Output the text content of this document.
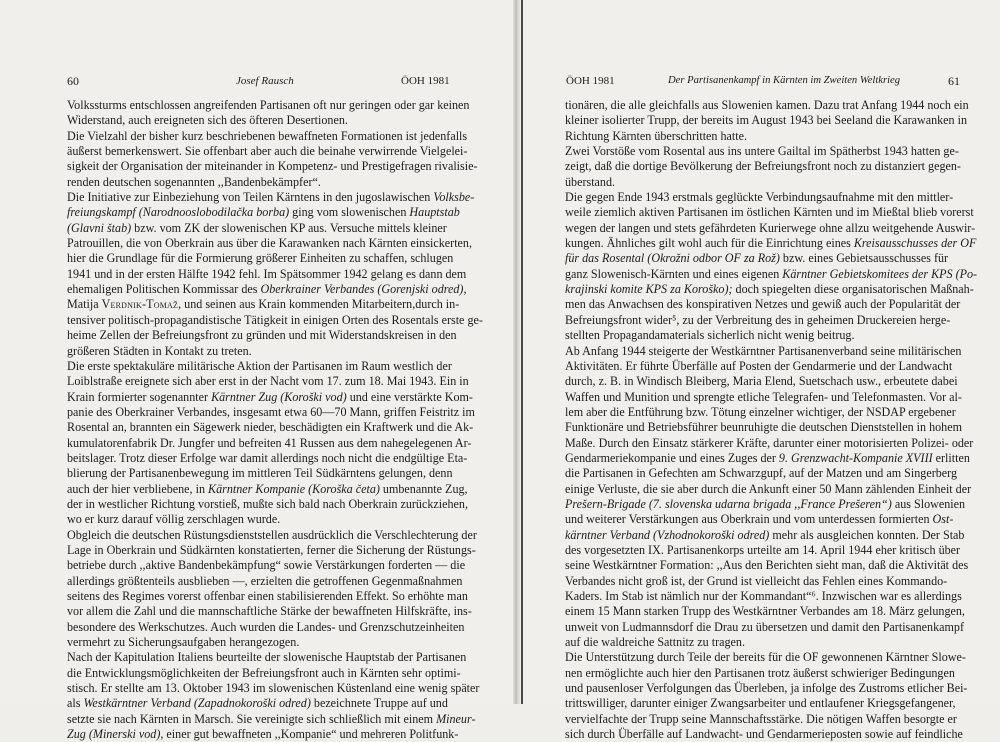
60	Josef Rausch	ÖOH 1981
Volkssturms entschlossen angreifenden Partisanen oft nur geringen oder gar keinen
Widerstand, auch ereigneten sich des öfteren Desertionen.
Die Vielzahl der bisher kurz beschriebenen bewaffneten Formationen ist jedenfalls
äußerst bemerkenswert. Sie offenbart aber auch die beinahe verwirrende Vielgelei-
sigkeit der Organisation der miteinander in Kompetenz- und Prestigefragen rivalisie-
renden deutschen sogenannten ,,Bandenbekämpfer“.
Die Initiative zur Einbeziehung von Teilen Kärntens in den jugoslawischen Volksbe-
freiungskampf (Narodnooslobodilačka borba) ging vom slowenischen Hauptstab
(Glavni štab) bzw. vom ZK der slowenischen KP aus. Versuche mittels kleiner
Patrouillen, die von Oberkrain aus über die Karawanken nach Kärnten einsickerten,
hier die Grundlage für die Formierung größerer Einheiten zu schaffen, schlugen
1941 und in der ersten Hälfte 1942 fehl. Im Spätsommer 1942 gelang es dann dem
ehemaligen Politischen Kommissar des Oberkrainer Verbandes (Gorenjski odred),
Matija Verdnik-Tomaž, und seinen aus Krain kommenden Mitarbeitern,durch in-
tensiver politisch-propagandistische Tätigkeit in einigen Orten des Rosentals erste ge-
heime Zellen der Befreiungsfront zu gründen und mit Widerstandskreisen in den
größeren Städten in Kontakt zu treten.
Die erste spektakuläre militärische Aktion der Partisanen im Raum westlich der
Loiblstraße ereignete sich aber erst in der Nacht vom 17. zum 18. Mai 1943. Ein in
Krain formierter sogenannter Kärntner Zug (Koroški vod) und eine verstärkte Kom-
panie des Oberkrainer Verbandes, insgesamt etwa 60—70 Mann, griffen Feistritz im
Rosental an, brannten ein Sägewerk nieder, beschädigten ein Kraftwerk und die Ak-
kumulatorenfabrik Dr. Jungfer und befreiten 41 Russen aus dem nahegelegenen Ar-
beitslager. Trotz dieser Erfolge war damit allerdings noch nicht die endgültige Eta-
blierung der Partisanenbewegung im mittleren Teil Südkärntens gelungen, denn
auch der hier verbliebene, in Kärntner Kompanie (Koroška četa) umbenannte Zug,
der in westlicher Richtung vorstieß, mußte sich bald nach Oberkrain zurückziehen,
wo er kurz darauf völlig zerschlagen wurde.
Obgleich die deutschen Rüstungsdienststellen ausdrücklich die Verschlechterung der
Lage in Oberkrain und Südkärnten konstatierten, ferner die Sicherung der Rüstungs-
betriebe durch ,,aktive Bandenbekämpfung“ sowie Verstärkungen forderten — die
allerdings größtenteils ausblieben —, erzielten die getroffenen Gegenmaßnahmen
seitens des Regimes vorerst offenbar einen stabilisierenden Effekt. So erhöhte man
vor allem die Zahl und die mannschaftliche Stärke der bewaffneten Hilfskräfte, ins-
besondere des Werkschutzes. Auch wurden die Landes- und Grenzschutzeinheiten
vermehrt zu Sicherungsaufgaben herangezogen.
Nach der Kapitulation Italiens beurteilte der slowenische Hauptstab der Partisanen
die Entwicklungsmöglichkeiten der Befreiungsfront auch in Kärnten sehr optimi-
stisch. Er stellte am 13. Oktober 1943 im slowenischen Küstenland eine wenig später
als Westkärntner Verband (Zapadnokoroški odred) bezeichnete Truppe auf und
setzte sie nach Kärnten in Marsch. Sie vereinigte sich schließlich mit einem Mineur-
Zug (Minerski vod), einer gut bewaffneten ,,Kompanie“ und mehreren Politfunk-
ÖOH 1981	Der Partisanenkampf in Kärnten im Zweiten Weltkrieg	61
tionären, die alle gleichfalls aus Slowenien kamen. Dazu trat Anfang 1944 noch ein
kleiner isolierter Trupp, der bereits im August 1943 bei Seeland die Karawanken in
Richtung Kärnten überschritten hatte.
Zwei Vorstöße vom Rosental aus ins untere Gailtal im Spätherbst 1943 hatten ge-
zeigt, daß die dortige Bevölkerung der Befreiungsfront noch zu distanziert gegen-
überstand.
Die gegen Ende 1943 erstmals geglückte Verbindungsaufnahme mit den mittler-
weile ziemlich aktiven Partisanen im östlichen Kärnten und im Mießtal blieb vorerst
wegen der langen und stets gefährdeten Kurierwege ohne allzu weitgehende Auswir-
kungen. Ähnliches gilt wohl auch für die Einrichtung eines Kreisausschusses der OF
für das Rosental (Okrožni odbor OF za Rož) bzw. eines Gebietsausschusses für
ganz Slowenisch-Kärnten und eines eigenen Kärntner Gebietskomitees der KPS (Po-
krajinski komite KPS za Koroško); doch spiegelten diese organisatorischen Maßnah-
men das Anwachsen des konspirativen Netzes und gewiß auch der Popularität der
Befreiungsfront wider⁵, zu der Verbreitung des in geheimen Druckereien herge-
stellten Propagandamaterials sicherlich nicht wenig beitrug.
Ab Anfang 1944 steigerte der Westkärntner Partisanenverband seine militärischen
Aktivitäten. Er führte Überfälle auf Posten der Gendarmerie und der Landwacht
durch, z. B. in Windisch Bleiberg, Maria Elend, Suetschach usw., erbeutete dabei
Waffen und Munition und sprengte etliche Telegrafen- und Telefonmasten. Vor al-
lem aber die Entführung bzw. Tötung einzelner wichtiger, der NSDAP ergebener
Funktionäre und Betriebsführer beunruhigte die deutschen Dienststellen in hohem
Maße. Durch den Einsatz stärkerer Kräfte, darunter einer motorisierten Polizei- oder
Gendarmeriekompanie und eines Zuges der 9. Grenzwacht-Kompanie XVIII erlitten
die Partisanen in Gefechten am Schwarzgupf, auf der Matzen und am Singerberg
einige Verluste, die sie aber durch die Ankunft einer 50 Mann zählenden Einheit der
Prešern-Brigade (7. slovenska udarna brigada ,,France Prešeren“) aus Slowenien
und weiterer Verstärkungen aus Oberkrain und vom unterdessen formierten Ost-
kärntner Verband (Vzhodnokoroški odred) mehr als ausgleichen konnten. Der Stab
des vorgesetzten IX. Partisanenkorps urteilte am 14. April 1944 eher kritisch über
seine Westkärntner Formation: ,,Aus den Berichten sieht man, daß die Aktivität des
Verbandes nicht groß ist, der Grund ist vielleicht das Fehlen eines Kommando-
Kaders. Im Stab ist nämlich nur der Kommandant“⁶. Inzwischen war es allerdings
einem 15 Mann starken Trupp des Westkärntner Verbandes am 18. März gelungen,
unweit von Ludmannsdorf die Drau zu übersetzen und damit den Partisanenkampf
auf die waldreiche Sattnitz zu tragen.
Die Unterstützung durch Teile der bereits für die OF gewonnenen Kärntner Slowe-
nen ermöglichte auch hier den Partisanen trotz äußerst schwieriger Bedingungen
und pausenloser Verfolgungen das Überleben, ja infolge des Zustroms etlicher Bei-
trittswilliger, darunter einiger Zwangsarbeiter und entlaufener Kriegsgefangener,
vervielfachte der Trupp seine Mannschaftsstärke. Die nötigen Waffen besorgte er
sich durch Überfälle auf Landwacht- und Gendarmerieposten sowie auf feindliche
